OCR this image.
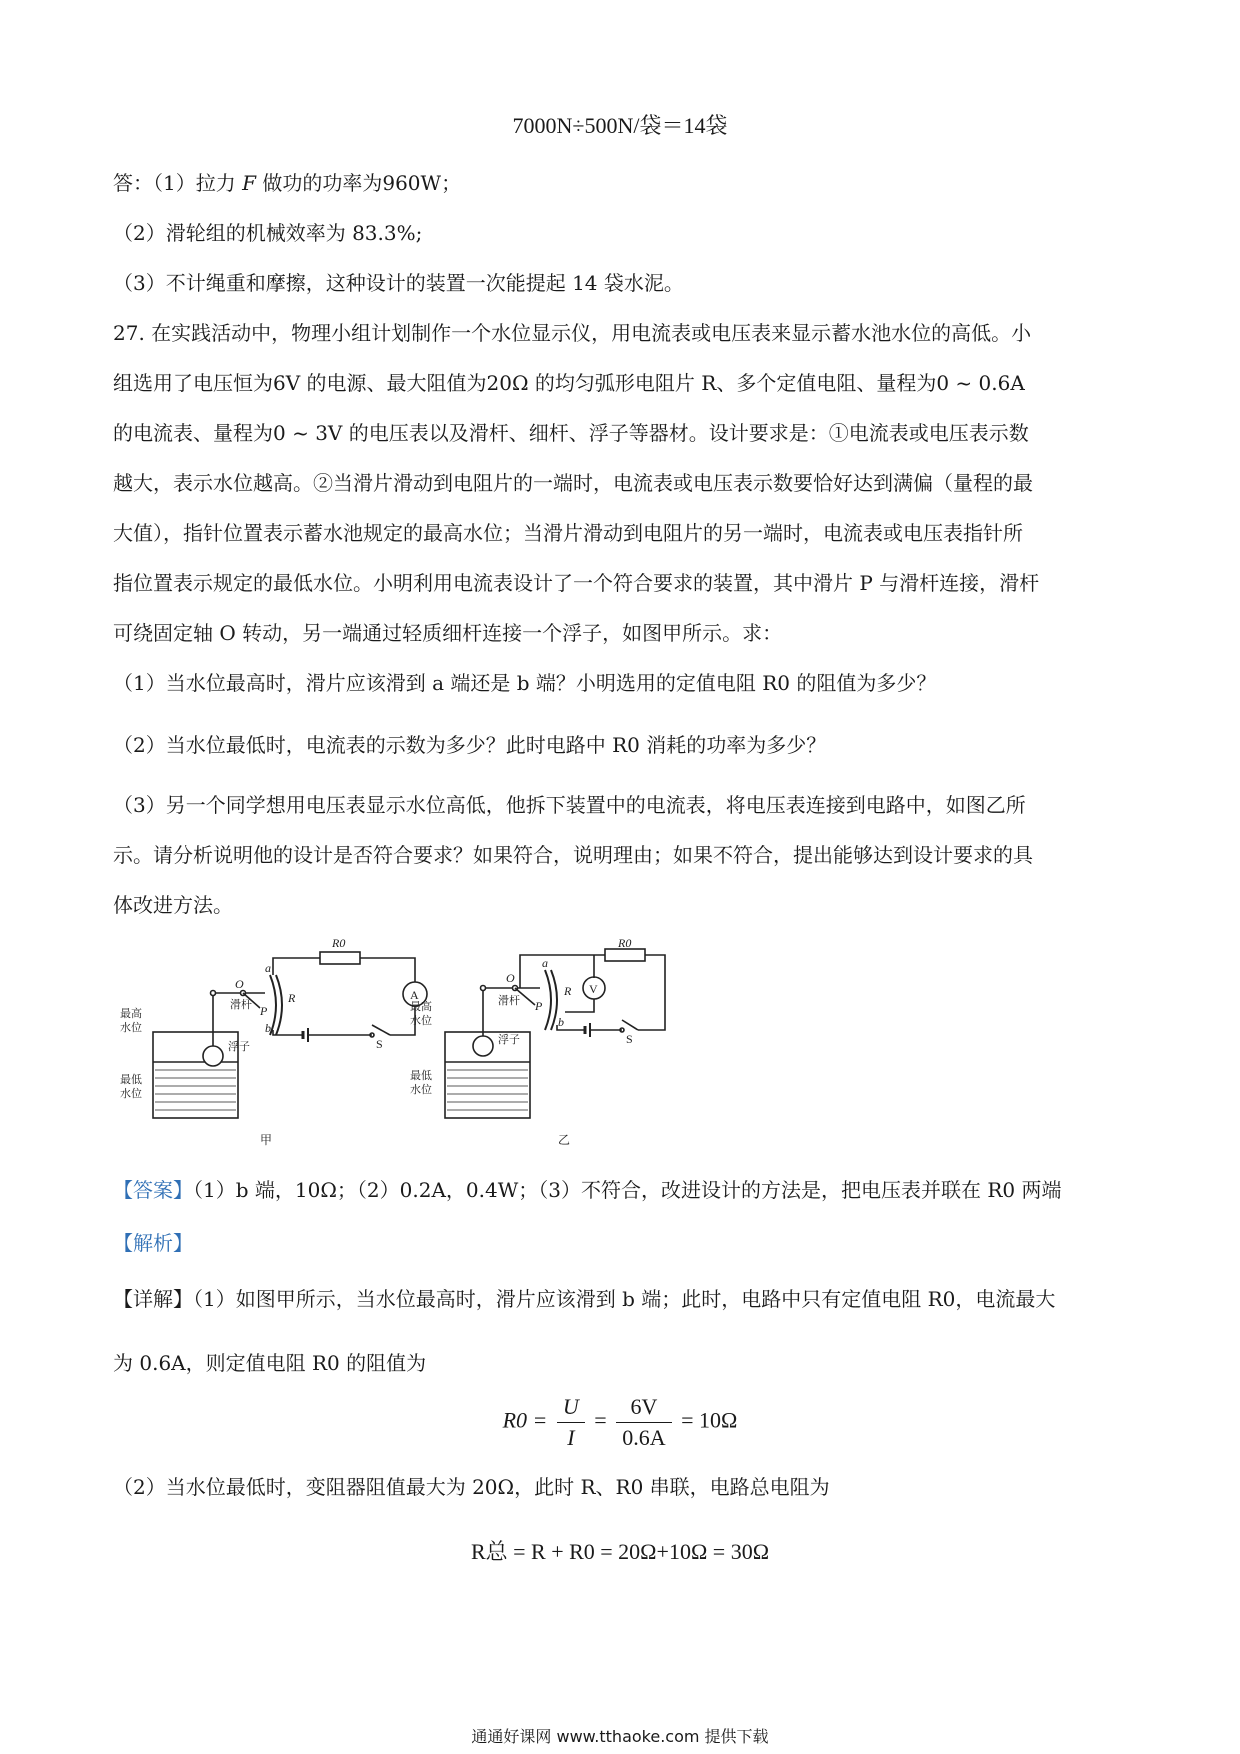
7000N÷500N/袋＝14袋
答：（1）拉力 F 做功的功率为960W；
（2）滑轮组的机械效率为 83.3%;
（3）不计绳重和摩擦，这种设计的装置一次能提起 14 袋水泥。
27. 在实践活动中，物理小组计划制作一个水位显示仪，用电流表或电压表来显示蓄水池水位的高低。小
组选用了电压恒为6V 的电源、最大阻值为20Ω 的均匀弧形电阻片 R、多个定值电阻、量程为0 ~ 0.6A
的电流表、量程为0 ~ 3V 的电压表以及滑杆、细杆、浮子等器材。设计要求是：①电流表或电压表示数
越大，表示水位越高。②当滑片滑动到电阻片的一端时，电流表或电压表示数要恰好达到满偏（量程的最
大值），指针位置表示蓄水池规定的最高水位；当滑片滑动到电阻片的另一端时，电流表或电压表指针所
指位置表示规定的最低水位。小明利用电流表设计了一个符合要求的装置，其中滑片 P 与滑杆连接，滑杆
可绕固定轴 O 转动，另一端通过轻质细杆连接一个浮子，如图甲所示。求：
（1）当水位最高时，滑片应该滑到 a 端还是 b 端？小明选用的定值电阻 R0 的阻值为多少？
（2）当水位最低时，电流表的示数为多少？此时电路中 R0 消耗的功率为多少？
（3）另一个同学想用电压表显示水位高低，他拆下装置中的电流表，将电压表连接到电路中，如图乙所
示。请分析说明他的设计是否符合要求？如果符合，说明理由；如果不符合，提出能够达到设计要求的具
体改进方法。
R0
a
O
滑杆 P
R
b
S
A
浮子
最高
水位
最低
水位
甲
R0
a
O
滑杆 P
R
b
S
V
浮子
最高
水位
最低
水位
乙
【答案】（1）b 端，10Ω；（2）0.2A，0.4W；（3）不符合，改进设计的方法是，把电压表并联在 R0 两端
【解析】
【详解】（1）如图甲所示，当水位最高时，滑片应该滑到 b 端；此时，电路中只有定值电阻 R0，电流最大
为 0.6A，则定值电阻 R0 的阻值为
$R0 = \frac{U}{I} = \frac{6V}{0.6A} = 10\Omega$
（2）当水位最低时，变阻器阻值最大为 20Ω，此时 R、R0 串联，电路总电阻为
R总 = R + R0 = 20Ω+10Ω = 30Ω
通通好课网 www.tthaoke.com 提供下载
